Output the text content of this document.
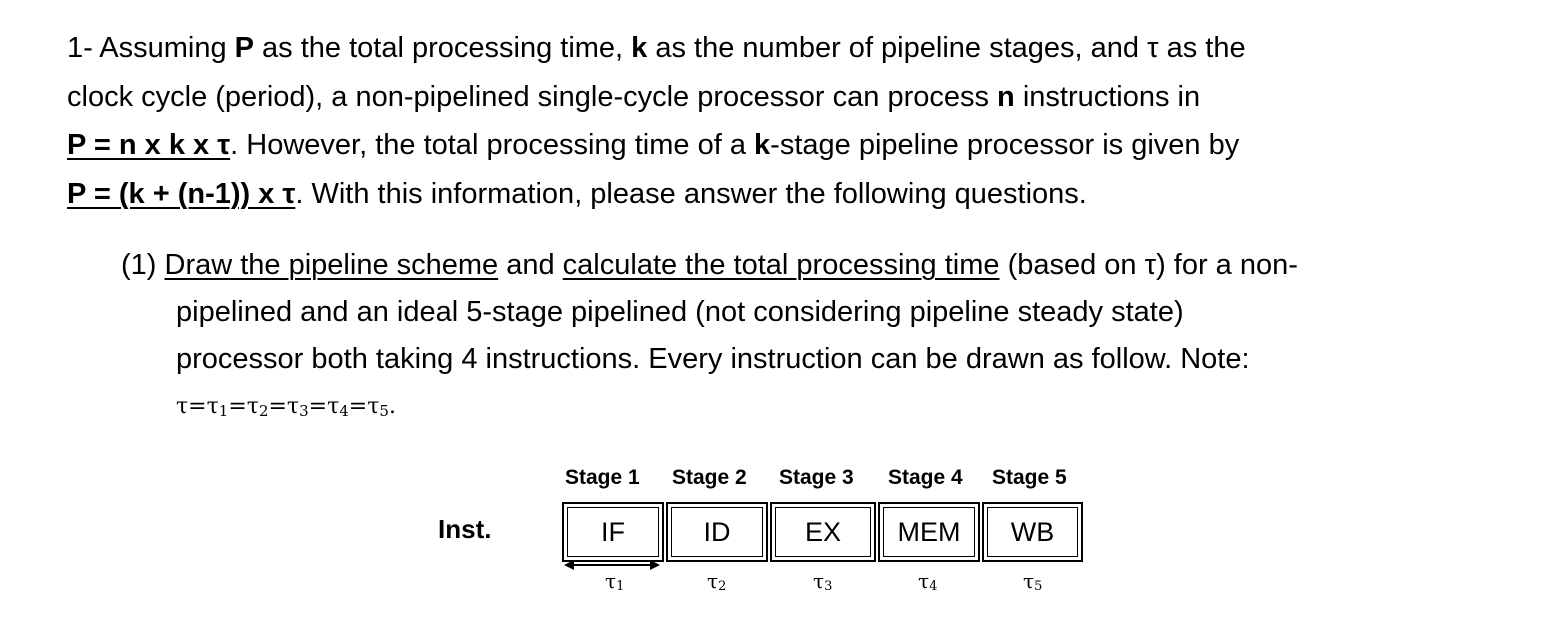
1- Assuming P as the total processing time, k as the number of pipeline stages, and τ as the
clock cycle (period), a non-pipelined single-cycle processor can process n instructions in
P = n x k x τ. However, the total processing time of a k-stage pipeline processor is given by
P = (k + (n-1)) x τ. With this information, please answer the following questions.
(1) Draw the pipeline scheme and calculate the total processing time (based on τ) for a non-
pipelined and an ideal 5-stage pipelined (not considering pipeline steady state)
processor both taking 4 instructions. Every instruction can be drawn as follow. Note:
$\tau=\tau_1=\tau_2=\tau_3=\tau_4=\tau_5$.
Stage 1 Stage 2 Stage 3 Stage 4 Stage 5
Inst.	IF	ID	EX MEM WB
$\tau_1$	$\tau_2$	$\tau_3$	$\tau_4$	$\tau_5$
